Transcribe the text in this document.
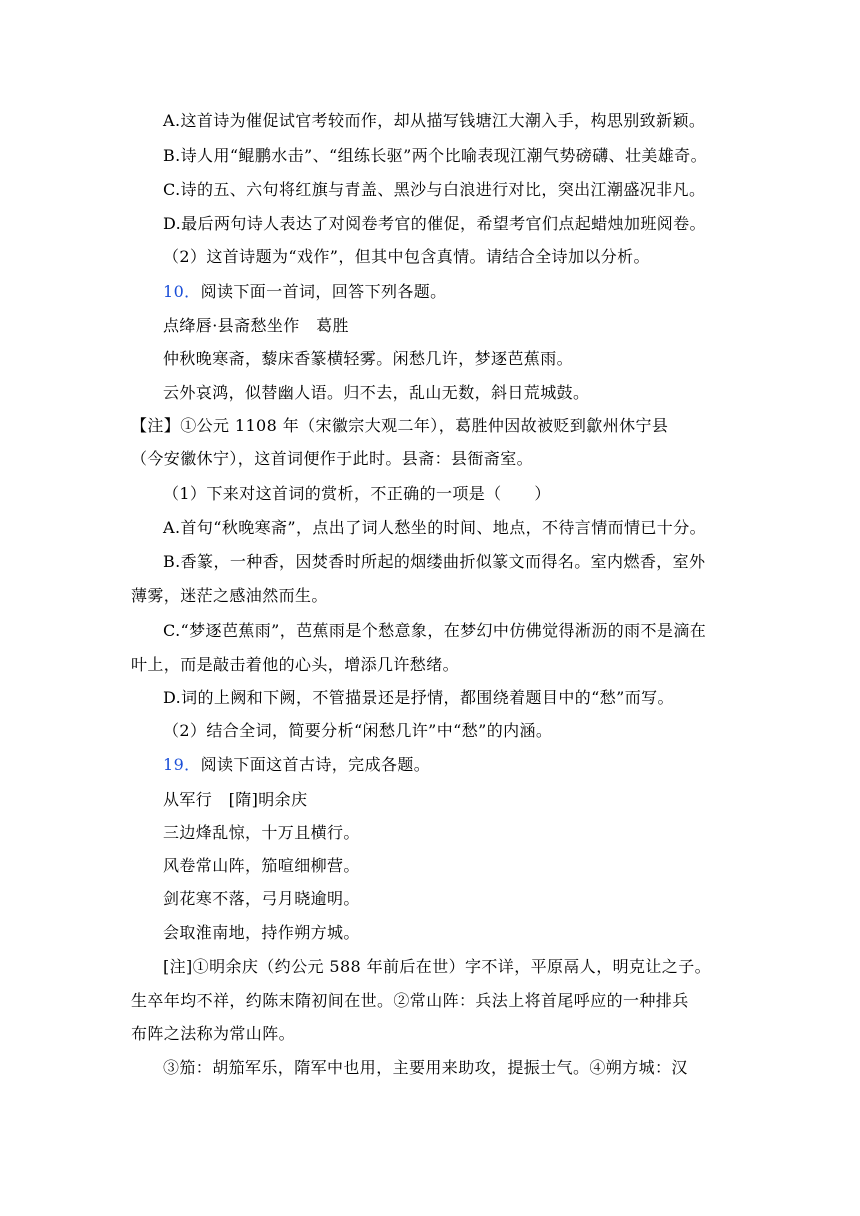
A.这首诗为催促试官考较而作，却从描写钱塘江大潮入手，构思别致新颖。
B.诗人用“鲲鹏水击”、“组练长驱”两个比喻表现江潮气势磅礴、壮美雄奇。
C.诗的五、六句将红旗与青盖、黑沙与白浪进行对比，突出江潮盛况非凡。
D.最后两句诗人表达了对阅卷考官的催促，希望考官们点起蜡烛加班阅卷。
（2）这首诗题为“戏作”，但其中包含真情。请结合全诗加以分析。
10．阅读下面一首词，回答下列各题。
点绛唇·县斋愁坐作　葛胜
仲秋晚寒斋，藜床香篆横轻雾。闲愁几许，梦逐芭蕉雨。
云外哀鸿，似替幽人语。归不去，乱山无数，斜日荒城鼓。
【注】①公元 1108 年（宋徽宗大观二年），葛胜仲因故被贬到歙州休宁县
（今安徽休宁），这首词便作于此时。县斋：县衙斋室。
（1）下来对这首词的赏析，不正确的一项是（　　）
A.首句“秋晚寒斋”，点出了词人愁坐的时间、地点，不待言情而情已十分。
B.香篆，一种香，因焚香时所起的烟缕曲折似篆文而得名。室内燃香，室外
薄雾，迷茫之感油然而生。
C.“梦逐芭蕉雨”，芭蕉雨是个愁意象，在梦幻中仿佛觉得淅沥的雨不是滴在
叶上，而是敲击着他的心头，增添几许愁绪。
D.词的上阙和下阙，不管描景还是抒情，都围绕着题目中的“愁”而写。
（2）结合全词，简要分析“闲愁几许”中“愁”的内涵。
19．阅读下面这首古诗，完成各题。
从军行　[隋]明余庆
三边烽乱惊，十万且横行。
风卷常山阵，笳喧细柳营。
剑花寒不落，弓月晓逾明。
会取淮南地，持作朔方城。
[注]①明余庆（约公元 588 年前后在世）字不详，平原鬲人，明克让之子。
生卒年均不祥，约陈末隋初间在世。②常山阵：兵法上将首尾呼应的一种排兵
布阵之法称为常山阵。
③笳：胡笳军乐，隋军中也用，主要用来助攻，提振士气。④朔方城：汉
